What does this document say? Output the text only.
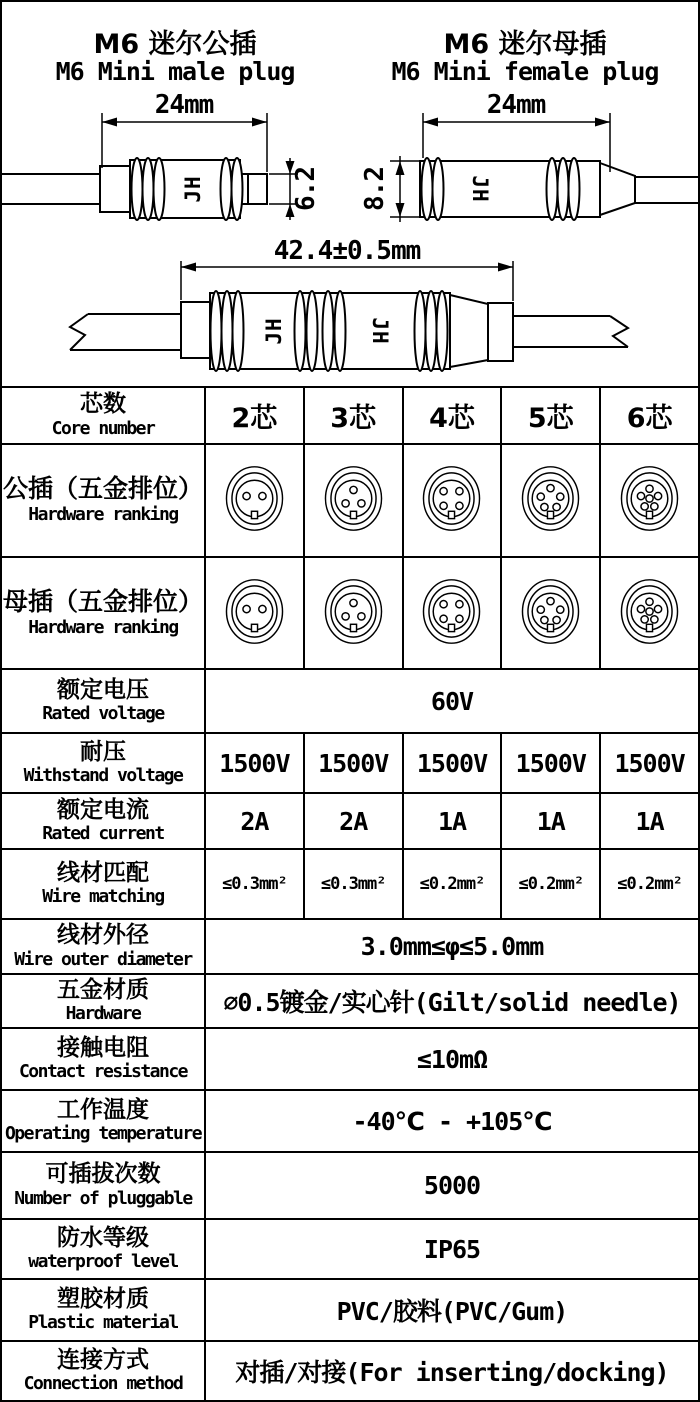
M6 迷尔公插
M6 Mini male plug
M6 迷尔母插
M6 Mini female plug
24mm	24mm
6.2 8.2
42.4±0.5mm
JH	JH
JH	JH
芯数
Core number	2芯	3芯	4芯	5芯	6芯

公插（五金排位）
Hardware ranking

母插（五金排位）
Hardware ranking

额定电压
Rated voltage	60V				

耐压
Withstand voltage	1500V	1500V	1500V	1500V	1500V

额定电流
Rated current	2A	2A	1A	1A	1A

线材匹配
Wire matching	≤0.3mm²	≤0.3mm²	≤0.2mm²	≤0.2mm²	≤0.2mm²

线材外径
Wire outer diameter	3.0mm≤φ≤5.0mm				

五金材质
Hardware	∅0.5镀金/实心针(Gilt/solid needle)				

接触电阻
Contact resistance	≤10mΩ				

工作温度
Operating temperature	-40℃ - +105℃				

可插拔次数
Number of pluggable	5000				

防水等级
waterproof level	IP65				

塑胶材质
Plastic material	PVC/胶料(PVC/Gum)				

连接方式
Connection method	对插/对接(For inserting/docking)				
